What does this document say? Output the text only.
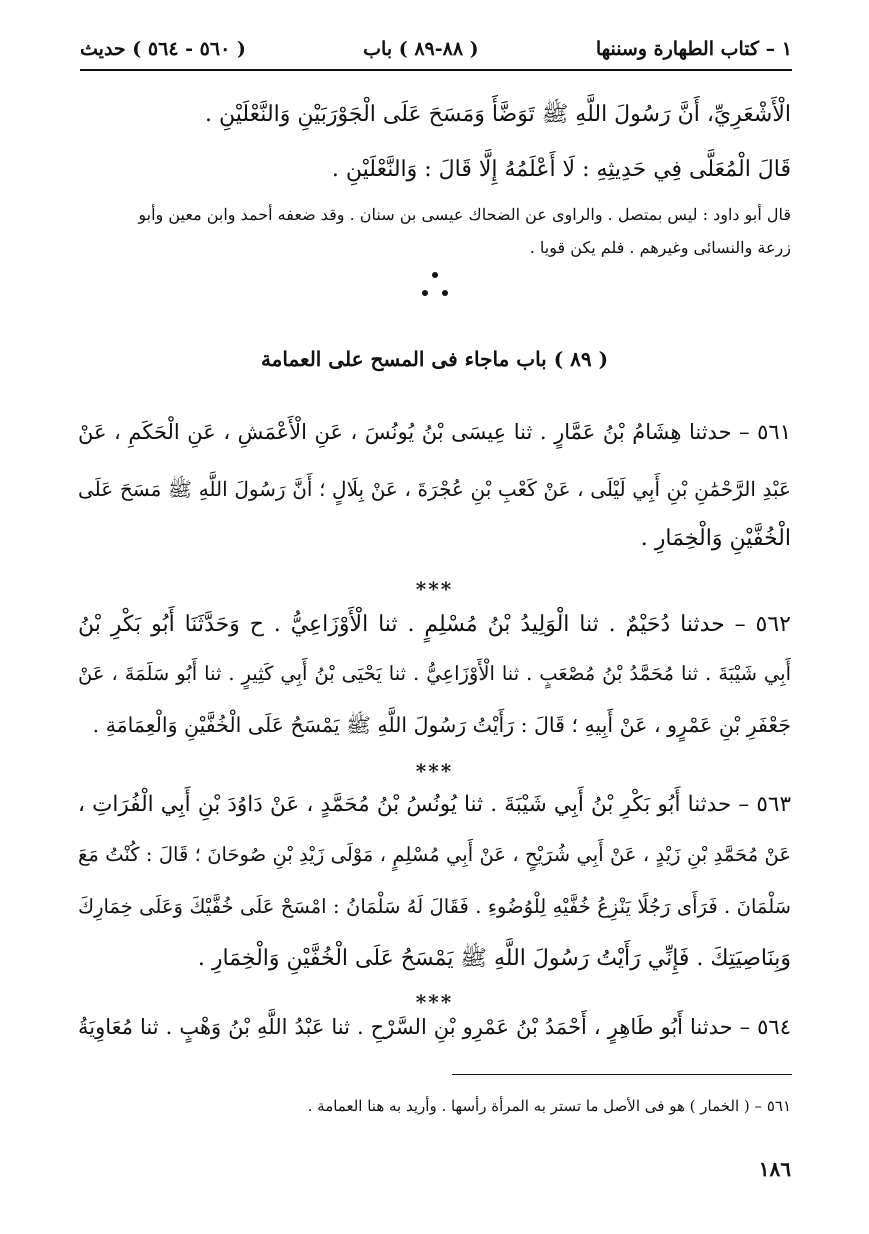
١ – كتاب الطهارة وسننها
( ٨٨-٨٩ ) باب
( ٥٦٠ - ٥٦٤ ) حديث
الْأَشْعَرِيِّ، أَنَّ رَسُولَ اللَّهِ ﷺ تَوَضَّأَ وَمَسَحَ عَلَى الْجَوْرَبَيْنِ وَالنَّعْلَيْنِ .
قَالَ الْمُعَلَّى فِي حَدِيثِهِ : لَا أَعْلَمُهُ إِلَّا قَالَ : وَالنَّعْلَيْنِ .
قال أبو داود : ليس بمتصل . والراوى عن الضحاك عيسى بن سنان . وقد ضعفه أحمد وابن معين وأبو
زرعة والنسائى وغيرهم . فلم يكن قويا .
( ٨٩ ) باب ماجاء فى المسح على العمامة
٥٦١ – حدثنا هِشَامُ بْنُ عَمَّارٍ . ثنا عِيسَى بْنُ يُونُسَ ، عَنِ الْأَعْمَشِ ، عَنِ الْحَكَمِ ، عَنْ
عَبْدِ الرَّحْمَٰنِ بْنِ أَبِي لَيْلَى ، عَنْ كَعْبِ بْنِ عُجْرَةَ ، عَنْ بِلَالٍ ؛ أَنَّ رَسُولَ اللَّهِ ﷺ مَسَحَ عَلَى
الْخُفَّيْنِ وَالْخِمَارِ .
***
٥٦٢ – حدثنا دُحَيْمٌ . ثنا الْوَلِيدُ بْنُ مُسْلِمٍ . ثنا الْأَوْزَاعِيُّ . ح وَحَدَّثَنَا أَبُو بَكْرِ بْنُ
أَبِي شَيْبَةَ . ثنا مُحَمَّدُ بْنُ مُصْعَبٍ . ثنا الْأَوْزَاعِيُّ . ثنا يَحْيَى بْنُ أَبِي كَثِيرٍ . ثنا أَبُو سَلَمَةَ ، عَنْ
جَعْفَرِ بْنِ عَمْرٍو ، عَنْ أَبِيهِ ؛ قَالَ : رَأَيْتُ رَسُولَ اللَّهِ ﷺ يَمْسَحُ عَلَى الْخُفَّيْنِ وَالْعِمَامَةِ .
***
٥٦٣ – حدثنا أَبُو بَكْرِ بْنُ أَبِي شَيْبَةَ . ثنا يُونُسُ بْنُ مُحَمَّدٍ ، عَنْ دَاوُدَ بْنِ أَبِي الْفُرَاتِ ،
عَنْ مُحَمَّدِ بْنِ زَيْدٍ ، عَنْ أَبِي شُرَيْحٍ ، عَنْ أَبِي مُسْلِمٍ ، مَوْلَى زَيْدِ بْنِ صُوحَانَ ؛ قَالَ : كُنْتُ مَعَ
سَلْمَانَ . فَرَأَى رَجُلًا يَنْزِعُ خُفَّيْهِ لِلْوُضُوءِ . فَقَالَ لَهُ سَلْمَانُ : امْسَحْ عَلَى خُفَّيْكَ وَعَلَى خِمَارِكَ
وَبِنَاصِيَتِكَ . فَإِنِّي رَأَيْتُ رَسُولَ اللَّهِ ﷺ يَمْسَحُ عَلَى الْخُفَّيْنِ وَالْخِمَارِ .
***
٥٦٤ – حدثنا أَبُو طَاهِرٍ ، أَحْمَدُ بْنُ عَمْرِو بْنِ السَّرْحِ . ثنا عَبْدُ اللَّهِ بْنُ وَهْبٍ . ثنا مُعَاوِيَةُ
٥٦١ – ( الخمار ) هو فى الأصل ما تستر به المرأة رأسها . وأريد به هنا العمامة .
١٨٦
